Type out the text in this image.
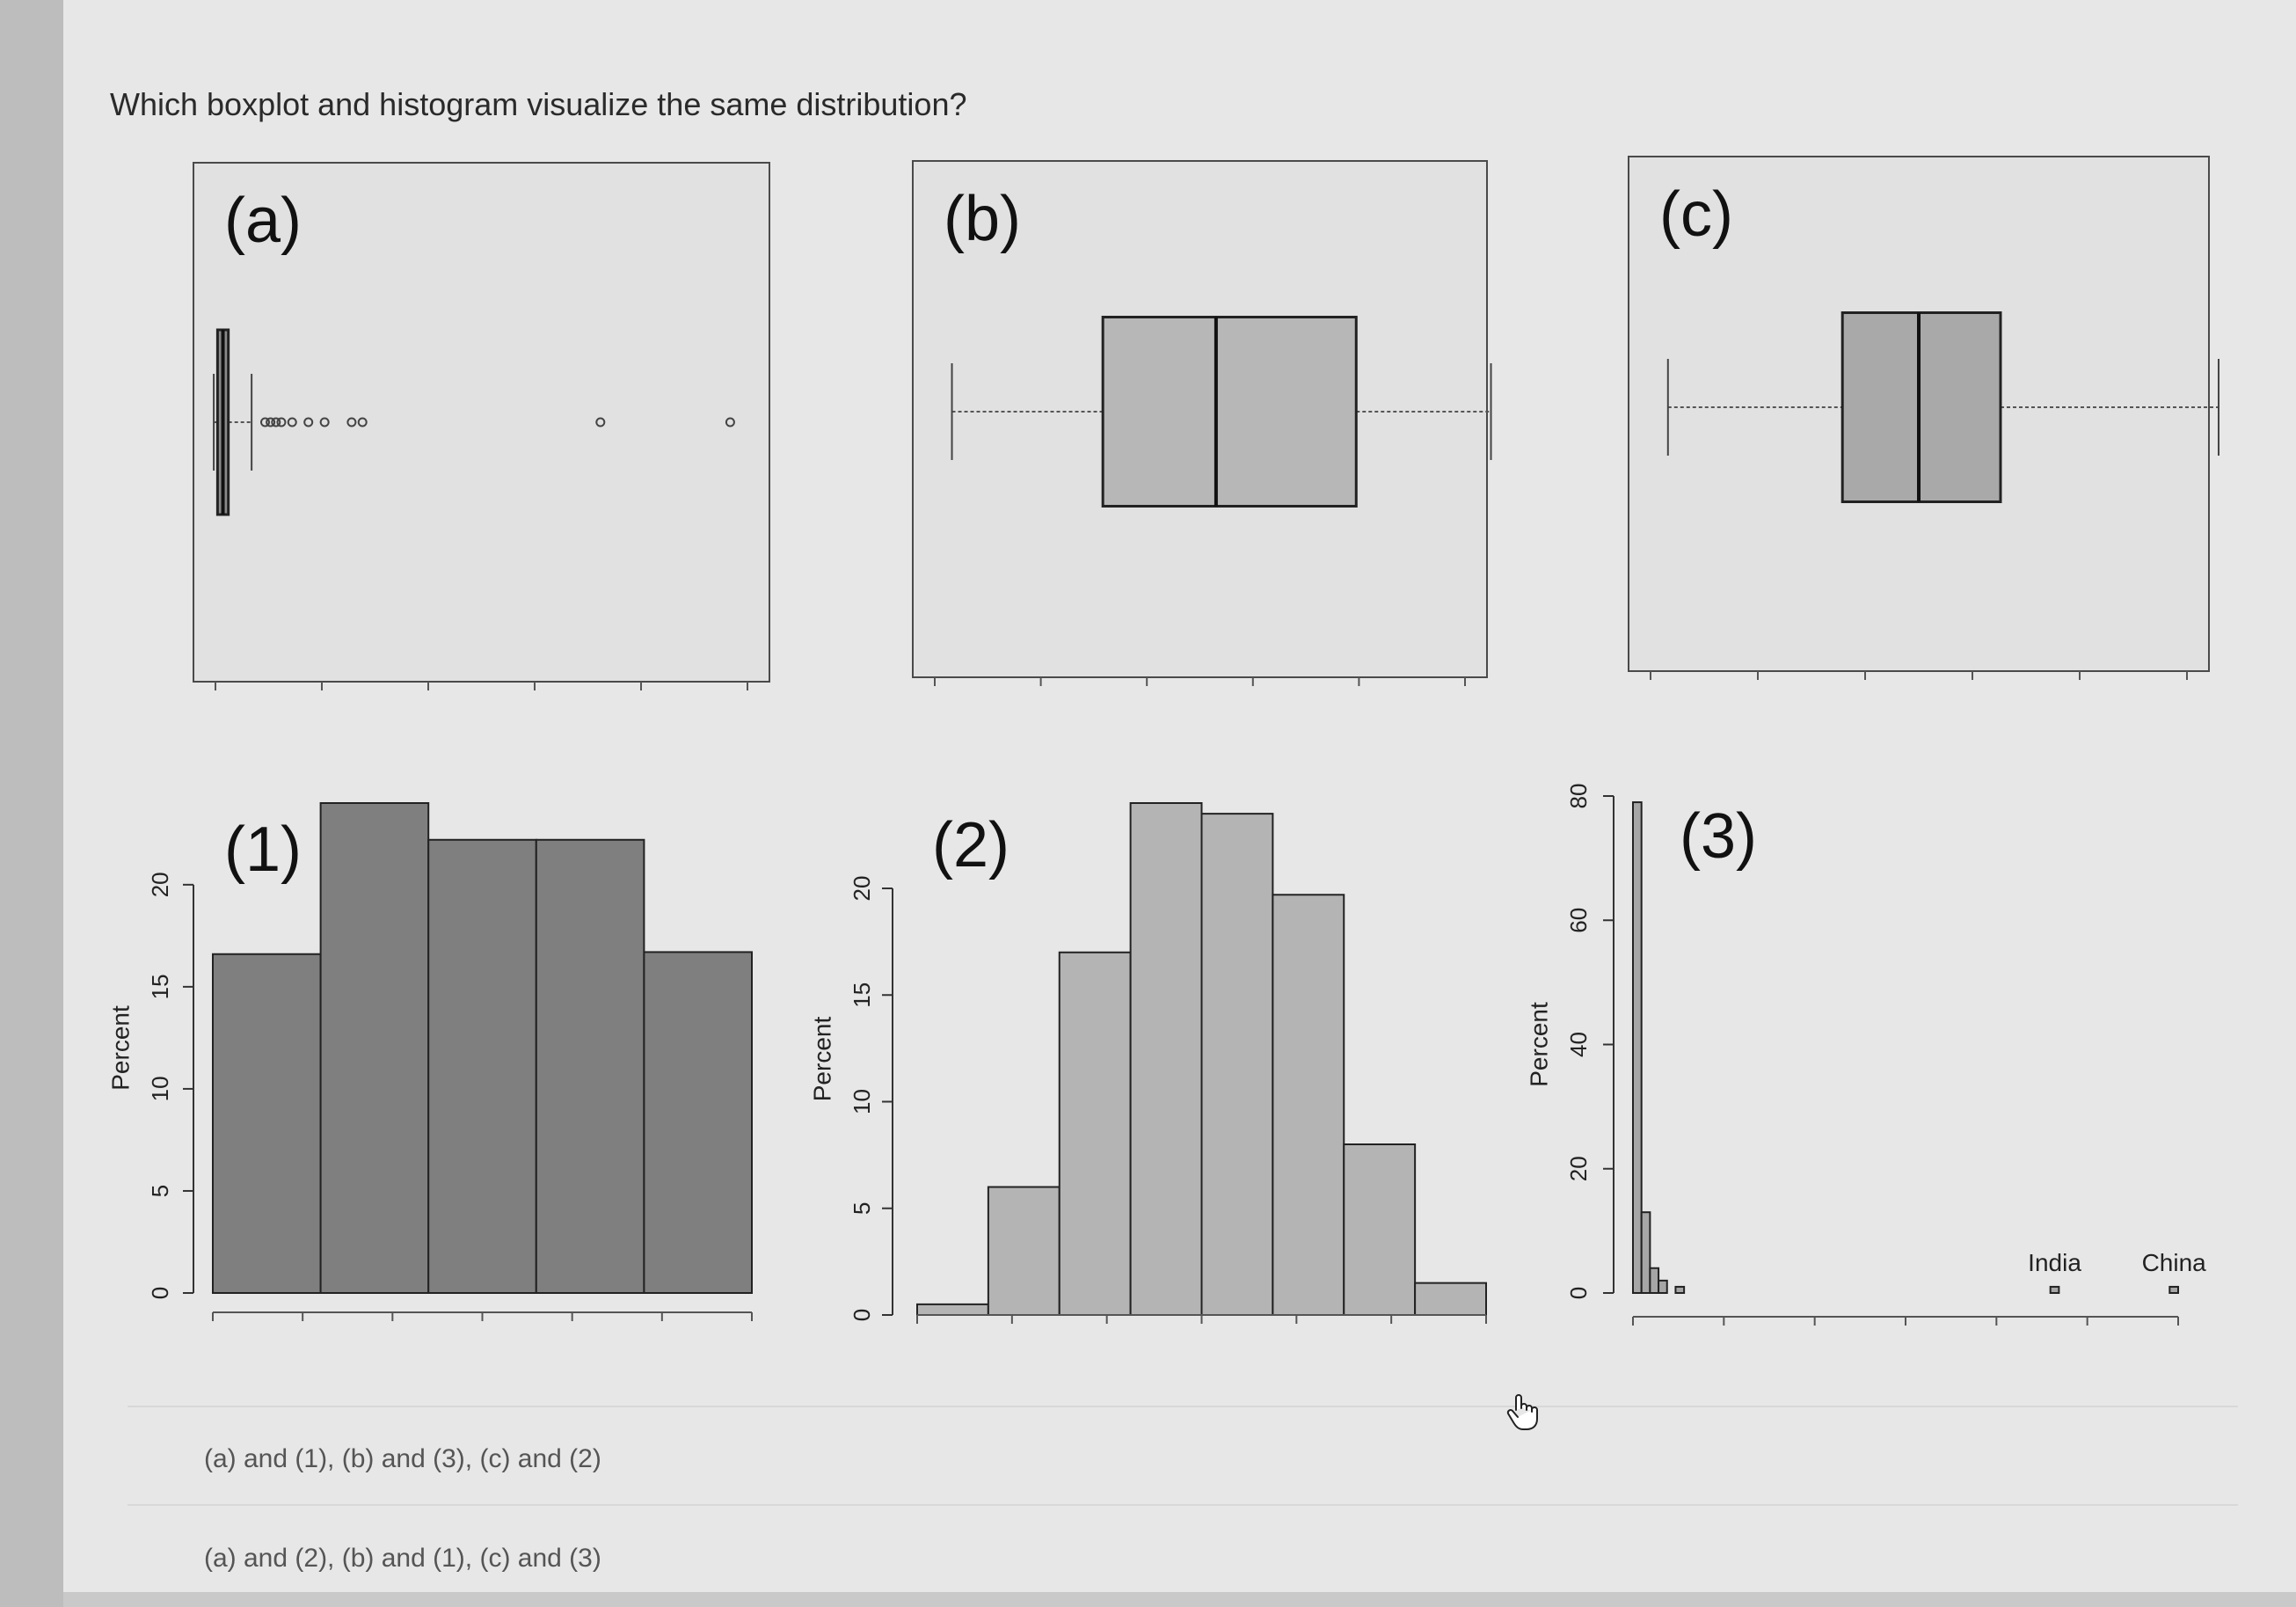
Which boxplot and histogram visualize the same distribution?
(a)	(b)	(c)
0
5
10
15
20
Percent
(1)
0
5
10
15
20
Percent
(2)
0
20
40
60
80
Percent
(3)
India China
(a) and (1), (b) and (3), (c) and (2)
(a) and (2), (b) and (1), (c) and (3)
